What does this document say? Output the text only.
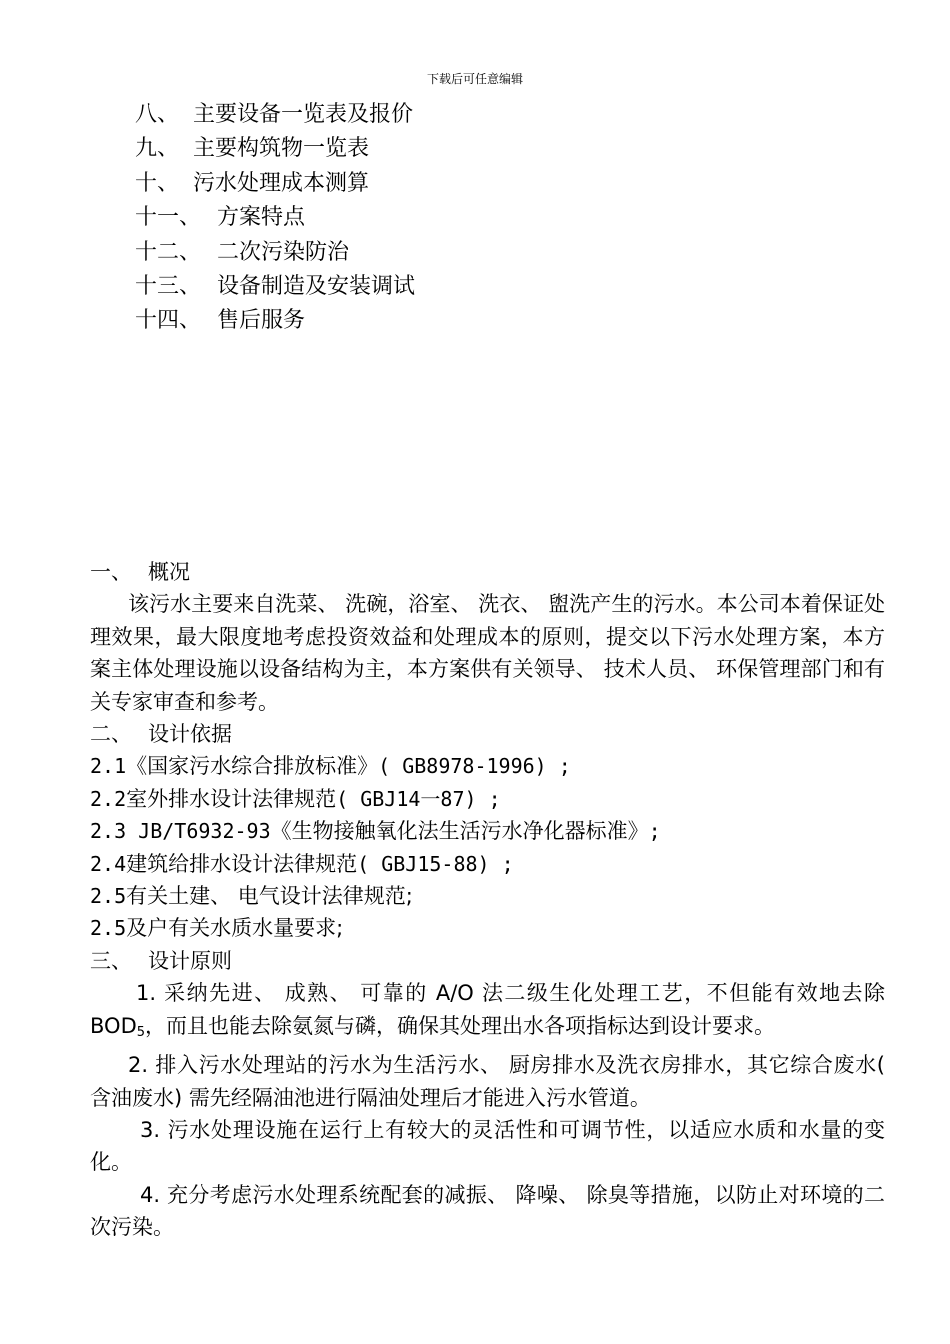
下载后可任意编辑
八、 主要设备一览表及报价
九、 主要构筑物一览表
十、 污水处理成本测算
十一、 方案特点
十二、 二次污染防治
十三、 设备制造及安装调试
十四、 售后服务

一、 概况

该污水主要来自洗菜、 洗碗，浴室、 洗衣、 盥洗产生的污水。本公司本着保证处理效果，最大限度地考虑投资效益和处理成本的原则，提交以下污水处理方案，本方案主体处理设施以设备结构为主，本方案供有关领导、 技术人员、 环保管理部门和有关专家审查和参考。

二、 设计依据

2.1《国家污水综合排放标准》( GB8978-1996) ;

2.2室外排水设计法律规范( GBJ14一87) ;

2.3 JB/T6932-93《生物接触氧化法生活污水净化器标准》;

2.4建筑给排水设计法律规范( GBJ15-88) ;

2.5有关土建、 电气设计法律规范;

2.5及户有关水质水量要求;

三、 设计原则

1. 采纳先进、 成熟、 可靠的 A/O 法二级生化处理工艺，不但能有效地去除 $BOD_5$，而且也能去除氨氮与磷，确保其处理出水各项指标达到设计要求。

2. 排入污水处理站的污水为生活污水、 厨房排水及洗衣房排水，其它综合废水( 含油废水) 需先经隔油池进行隔油处理后才能进入污水管道。

3. 污水处理设施在运行上有较大的灵活性和可调节性，以适应水质和水量的变化。

4. 充分考虑污水处理系统配套的减振、 降噪、 除臭等措施，以防止对环境的二次污染。
